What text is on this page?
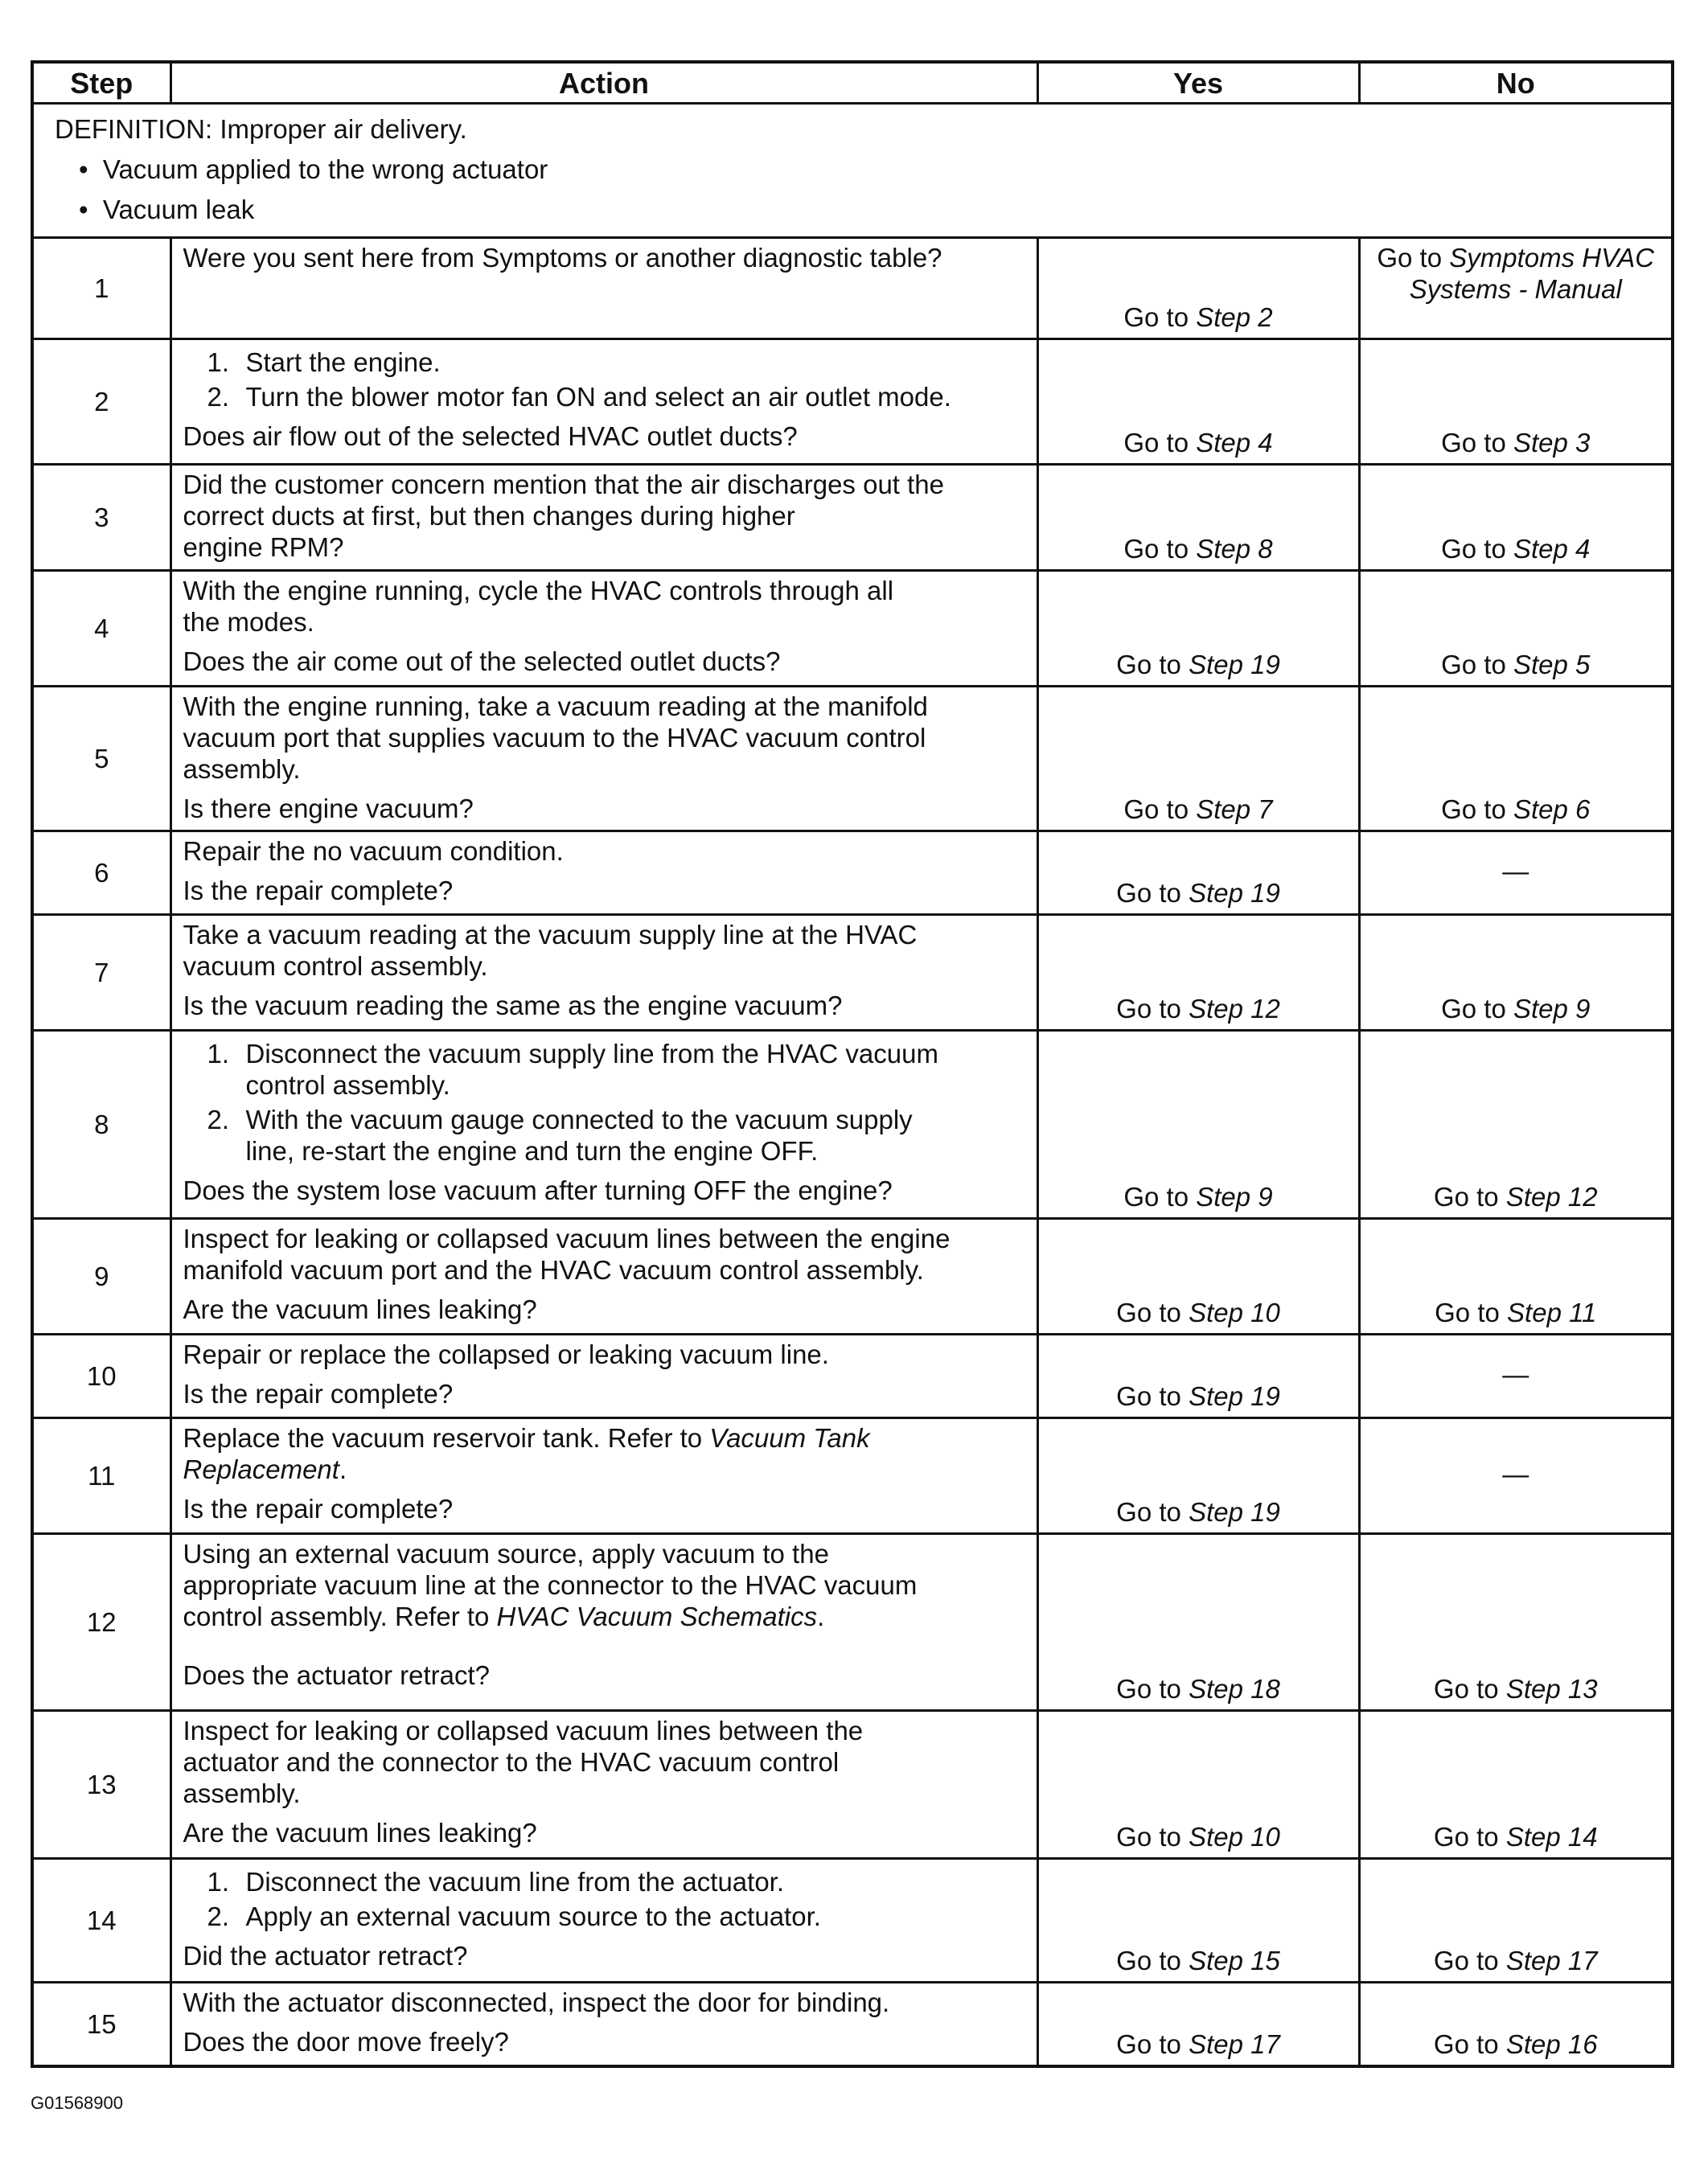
Step	Action	Yes	No

DEFINITION: Improper air delivery.
•  Vacuum applied to the wrong actuator
•  Vacuum leak			

1	Were you sent here from Symptoms or another diagnostic table?	Go to Step 2	Go to Symptoms HVAC Systems - Manual
2	1. Start the engine.
2. Turn the blower motor fan ON and select an air outlet mode.
Does air flow out of the selected HVAC outlet ducts?	Go to Step 4	Go to Step 3
3	Did the customer concern mention that the air discharges out the
correct ducts at first, but then changes during higher
engine RPM?	Go to Step 8	Go to Step 4
4	With the engine running, cycle the HVAC controls through all
the modes.
Does the air come out of the selected outlet ducts?	Go to Step 19	Go to Step 5
5	With the engine running, take a vacuum reading at the manifold
vacuum port that supplies vacuum to the HVAC vacuum control
assembly.
Is there engine vacuum?	Go to Step 7	Go to Step 6
6	Repair the no vacuum condition.
Is the repair complete?	Go to Step 19	—
7	Take a vacuum reading at the vacuum supply line at the HVAC
vacuum control assembly.
Is the vacuum reading the same as the engine vacuum?	Go to Step 12	Go to Step 9
8	1. Disconnect the vacuum supply line from the HVAC vacuum
control assembly.
2. With the vacuum gauge connected to the vacuum supply
line, re-start the engine and turn the engine OFF.
Does the system lose vacuum after turning OFF the engine?	Go to Step 9	Go to Step 12
9	Inspect for leaking or collapsed vacuum lines between the engine
manifold vacuum port and the HVAC vacuum control assembly.
Are the vacuum lines leaking?	Go to Step 10	Go to Step 11
10	Repair or replace the collapsed or leaking vacuum line.
Is the repair complete?	Go to Step 19	—
11	Replace the vacuum reservoir tank. Refer to Vacuum Tank
Replacement.
Is the repair complete?	Go to Step 19	—
12	Using an external vacuum source, apply vacuum to the
appropriate vacuum line at the connector to the HVAC vacuum
control assembly. Refer to HVAC Vacuum Schematics.
Does the actuator retract?	Go to Step 18	Go to Step 13
13	Inspect for leaking or collapsed vacuum lines between the
actuator and the connector to the HVAC vacuum control
assembly.
Are the vacuum lines leaking?	Go to Step 10	Go to Step 14
14	1. Disconnect the vacuum line from the actuator.
2. Apply an external vacuum source to the actuator.
Did the actuator retract?	Go to Step 15	Go to Step 17
15	With the actuator disconnected, inspect the door for binding.
Does the door move freely?	Go to Step 17	Go to Step 16
G01568900
